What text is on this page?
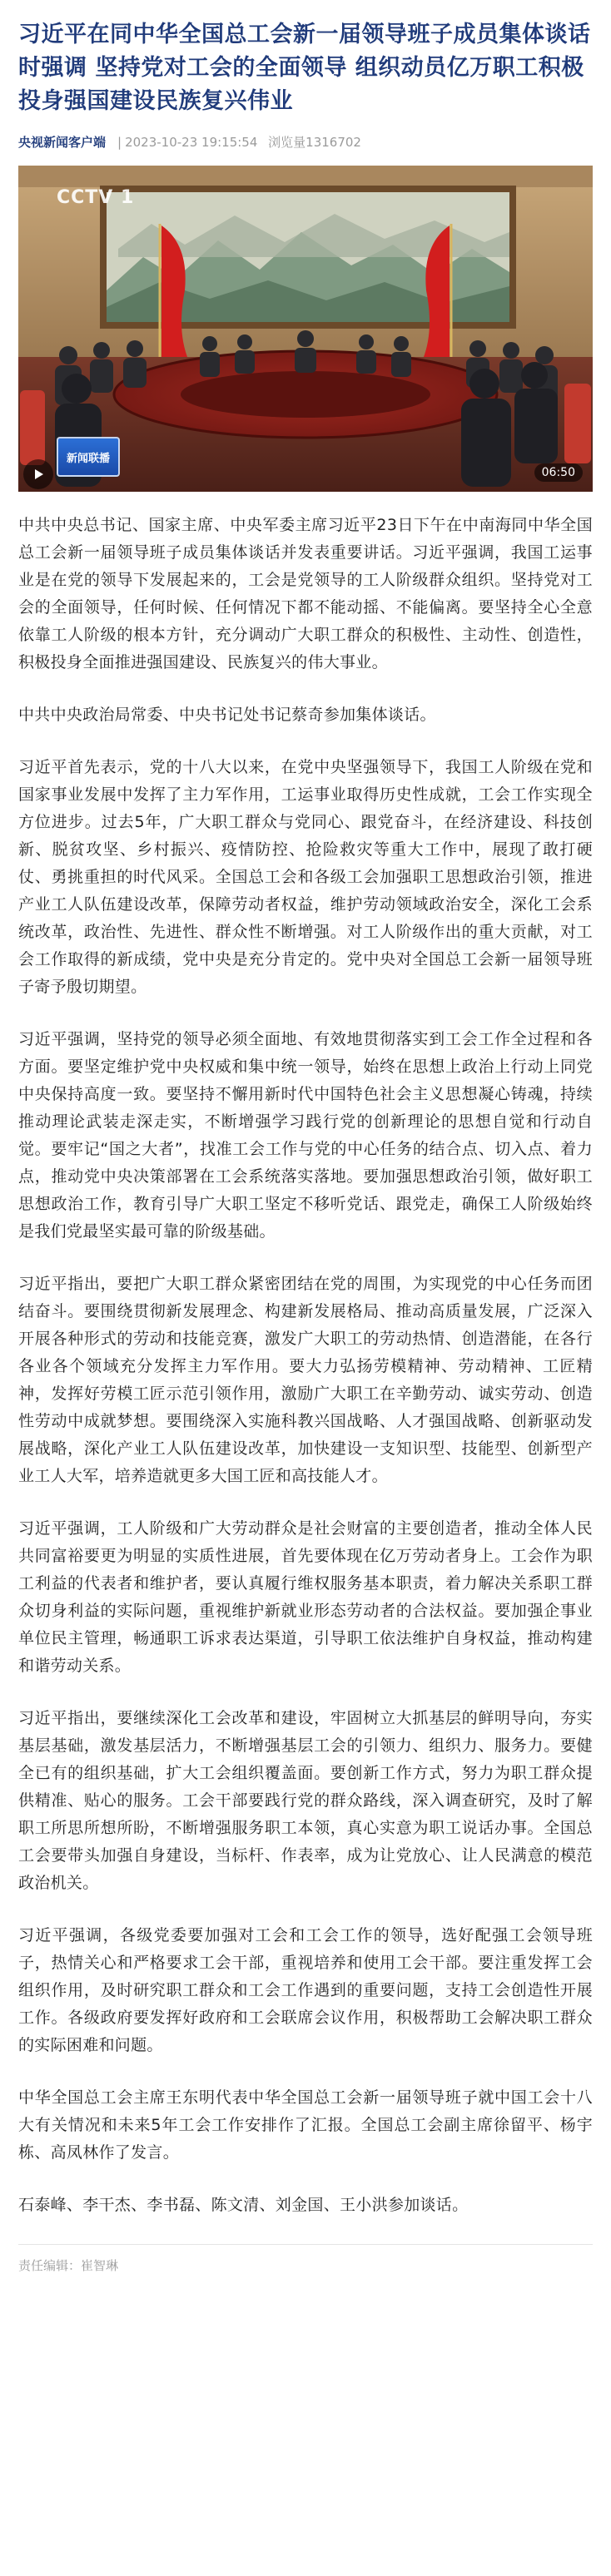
习近平在同中华全国总工会新一届领导班子成员集体谈话时强调 坚持党对工会的全面领导 组织动员亿万职工积极投身强国建设民族复兴伟业
央视新闻客户端 | 2023-10-23 19:15:54 浏览量1316702
CCTV 1
新闻联播
06:50

中共中央总书记、国家主席、中央军委主席习近平23日下午在中南海同中华全国总工会新一届领导班子成员集体谈话并发表重要讲话。习近平强调，我国工运事业是在党的领导下发展起来的，工会是党领导的工人阶级群众组织。坚持党对工会的全面领导，任何时候、任何情况下都不能动摇、不能偏离。要坚持全心全意依靠工人阶级的根本方针，充分调动广大职工群众的积极性、主动性、创造性，积极投身全面推进强国建设、民族复兴的伟大事业。

中共中央政治局常委、中央书记处书记蔡奇参加集体谈话。

习近平首先表示，党的十八大以来，在党中央坚强领导下，我国工人阶级在党和国家事业发展中发挥了主力军作用，工运事业取得历史性成就，工会工作实现全方位进步。过去5年，广大职工群众与党同心、跟党奋斗，在经济建设、科技创新、脱贫攻坚、乡村振兴、疫情防控、抢险救灾等重大工作中，展现了敢打硬仗、勇挑重担的时代风采。全国总工会和各级工会加强职工思想政治引领，推进产业工人队伍建设改革，保障劳动者权益，维护劳动领域政治安全，深化工会系统改革，政治性、先进性、群众性不断增强。对工人阶级作出的重大贡献，对工会工作取得的新成绩，党中央是充分肯定的。党中央对全国总工会新一届领导班子寄予殷切期望。

习近平强调，坚持党的领导必须全面地、有效地贯彻落实到工会工作全过程和各方面。要坚定维护党中央权威和集中统一领导，始终在思想上政治上行动上同党中央保持高度一致。要坚持不懈用新时代中国特色社会主义思想凝心铸魂，持续推动理论武装走深走实，不断增强学习践行党的创新理论的思想自觉和行动自觉。要牢记“国之大者”，找准工会工作与党的中心任务的结合点、切入点、着力点，推动党中央决策部署在工会系统落实落地。要加强思想政治引领，做好职工思想政治工作，教育引导广大职工坚定不移听党话、跟党走，确保工人阶级始终是我们党最坚实最可靠的阶级基础。

习近平指出，要把广大职工群众紧密团结在党的周围，为实现党的中心任务而团结奋斗。要围绕贯彻新发展理念、构建新发展格局、推动高质量发展，广泛深入开展各种形式的劳动和技能竞赛，激发广大职工的劳动热情、创造潜能，在各行各业各个领域充分发挥主力军作用。要大力弘扬劳模精神、劳动精神、工匠精神，发挥好劳模工匠示范引领作用，激励广大职工在辛勤劳动、诚实劳动、创造性劳动中成就梦想。要围绕深入实施科教兴国战略、人才强国战略、创新驱动发展战略，深化产业工人队伍建设改革，加快建设一支知识型、技能型、创新型产业工人大军，培养造就更多大国工匠和高技能人才。

习近平强调，工人阶级和广大劳动群众是社会财富的主要创造者，推动全体人民共同富裕要更为明显的实质性进展，首先要体现在亿万劳动者身上。工会作为职工利益的代表者和维护者，要认真履行维权服务基本职责，着力解决关系职工群众切身利益的实际问题，重视维护新就业形态劳动者的合法权益。要加强企事业单位民主管理，畅通职工诉求表达渠道，引导职工依法维护自身权益，推动构建和谐劳动关系。

习近平指出，要继续深化工会改革和建设，牢固树立大抓基层的鲜明导向，夯实基层基础，激发基层活力，不断增强基层工会的引领力、组织力、服务力。要健全已有的组织基础，扩大工会组织覆盖面。要创新工作方式，努力为职工群众提供精准、贴心的服务。工会干部要践行党的群众路线，深入调查研究，及时了解职工所思所想所盼，不断增强服务职工本领，真心实意为职工说话办事。全国总工会要带头加强自身建设，当标杆、作表率，成为让党放心、让人民满意的模范政治机关。

习近平强调，各级党委要加强对工会和工会工作的领导，选好配强工会领导班子，热情关心和严格要求工会干部，重视培养和使用工会干部。要注重发挥工会组织作用，及时研究职工群众和工会工作遇到的重要问题，支持工会创造性开展工作。各级政府要发挥好政府和工会联席会议作用，积极帮助工会解决职工群众的实际困难和问题。

中华全国总工会主席王东明代表中华全国总工会新一届领导班子就中国工会十八大有关情况和未来5年工会工作安排作了汇报。全国总工会副主席徐留平、杨宇栋、高凤林作了发言。

石泰峰、李干杰、李书磊、陈文清、刘金国、王小洪参加谈话。

责任编辑：崔智琳
